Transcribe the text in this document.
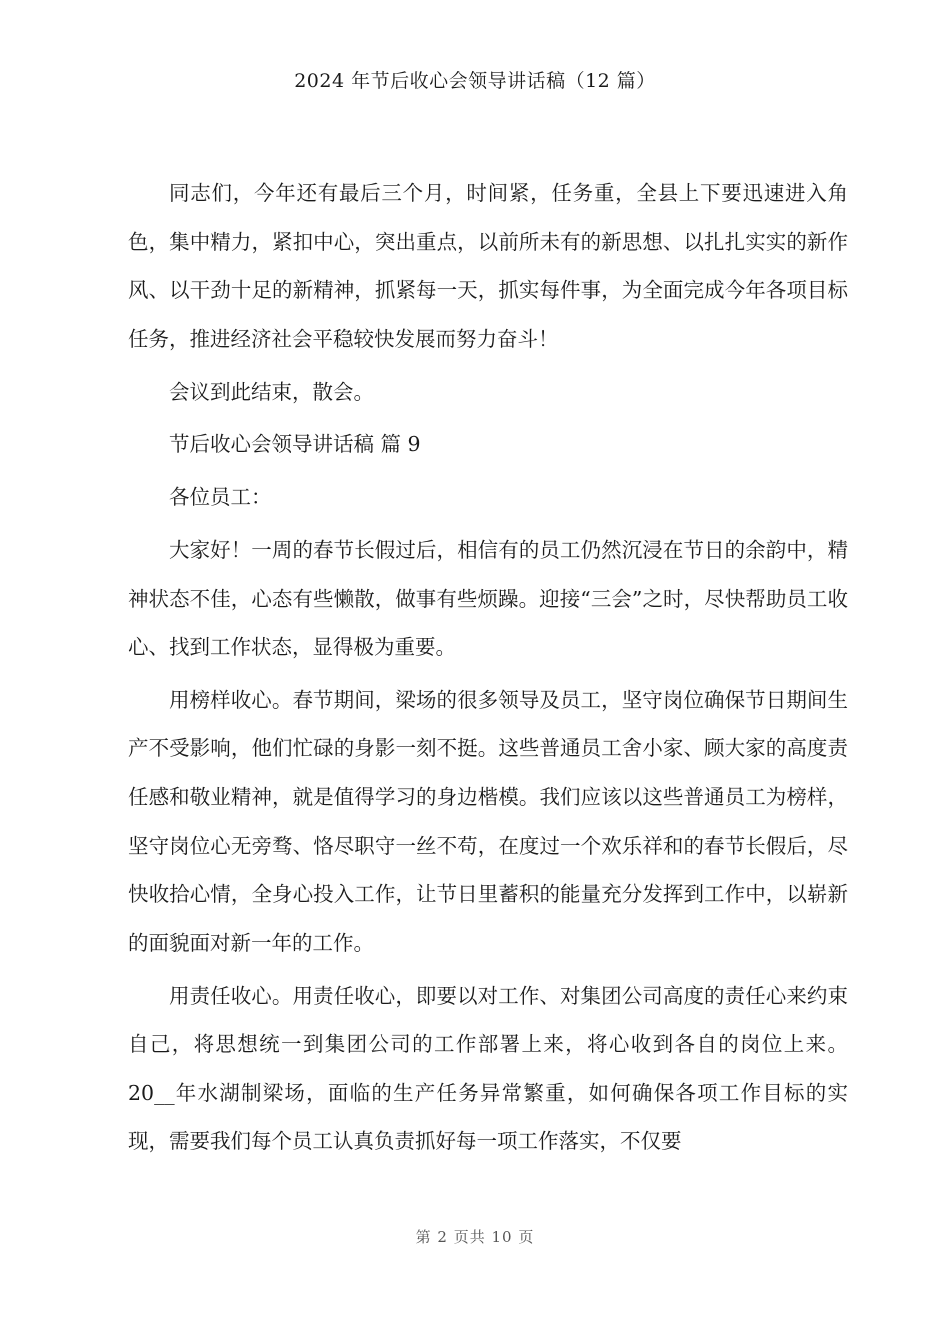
2024 年节后收心会领导讲话稿（12 篇）

同志们，今年还有最后三个月，时间紧，任务重，全县上下要迅速进入角色，集中精力，紧扣中心，突出重点，以前所未有的新思想、以扎扎实实的新作风、以干劲十足的新精神，抓紧每一天，抓实每件事，为全面完成今年各项目标任务，推进经济社会平稳较快发展而努力奋斗！

会议到此结束，散会。

节后收心会领导讲话稿 篇 9

各位员工：

大家好！一周的春节长假过后，相信有的员工仍然沉浸在节日的余韵中，精神状态不佳，心态有些懒散，做事有些烦躁。迎接“三会”之时，尽快帮助员工收心、找到工作状态，显得极为重要。

用榜样收心。春节期间，梁场的很多领导及员工，坚守岗位确保节日期间生产不受影响，他们忙碌的身影一刻不挺。这些普通员工舍小家、顾大家的高度责任感和敬业精神，就是值得学习的身边楷模。我们应该以这些普通员工为榜样，坚守岗位心无旁骛、恪尽职守一丝不苟，在度过一个欢乐祥和的春节长假后，尽快收拾心情，全身心投入工作，让节日里蓄积的能量充分发挥到工作中，以崭新的面貌面对新一年的工作。

用责任收心。用责任收心，即要以对工作、对集团公司高度的责任心来约束自己，将思想统一到集团公司的工作部署上来，将心收到各自的岗位上来。20__年水湖制梁场，面临的生产任务异常繁重，如何确保各项工作目标的实现，需要我们每个员工认真负责抓好每一项工作落实，不仅要

第 2 页共 10 页
